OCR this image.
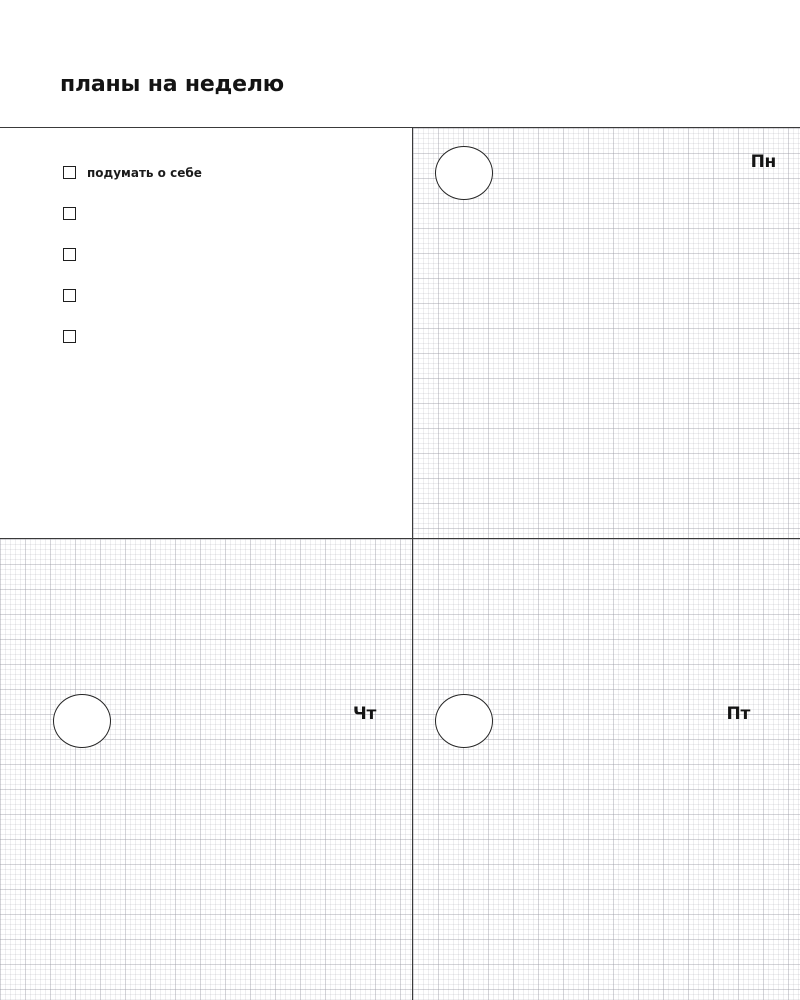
планы на неделю
подумать о себе
Пн
Чт	Пт
